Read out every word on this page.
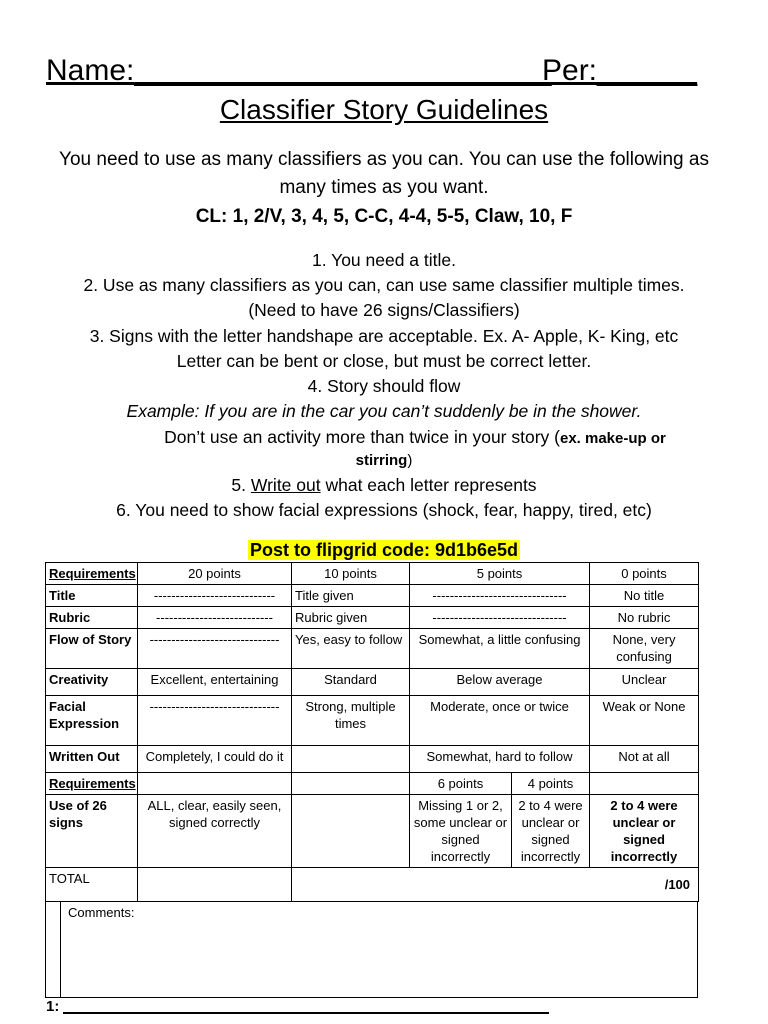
Name:_________________________
Per:______
Classifier Story Guidelines
You need to use as many classifiers as you can. You can use the following as many times as you want.
CL: 1, 2/V, 3, 4, 5, C-C, 4-4, 5-5, Claw, 10, F
1. You need a title.
2. Use as many classifiers as you can, can use same classifier multiple times.
(Need to have 26 signs/Classifiers)
3. Signs with the letter handshape are acceptable. Ex. A- Apple, K- King, etc
Letter can be bent or close, but must be correct letter.
4. Story should flow
Example: If you are in the car you can’t suddenly be in the shower.
Don’t use an activity more than twice in your story (ex. make-up or
stirring)
5. Write out what each letter represents
6. You need to show facial expressions (shock, fear, happy, tired, etc)
Post to flipgrid code: 9d1b6e5d
Requirements	20 points	10 points	5 points		0 points
Title	----------------------------	Title given	-------------------------------		No title
Rubric	---------------------------	Rubric given	-------------------------------		No rubric
Flow of Story	------------------------------	Yes, easy to follow	Somewhat, a little confusing		None, very confusing
Creativity	Excellent, entertaining	Standard	Below average		Unclear
Facial Expression	------------------------------	Strong, multiple times	Moderate, once or twice		Weak or None
Written Out	Completely, I could do it		Somewhat, hard to follow		Not at all
Requirements			6 points	4 points	
Use of 26 signs	ALL, clear, easily seen, signed correctly		Missing 1 or 2, some unclear or signed incorrectly	2 to 4 were unclear or signed incorrectly	2 to 4 were unclear or signed incorrectly
TOTAL		/100			
Comments:
1:
